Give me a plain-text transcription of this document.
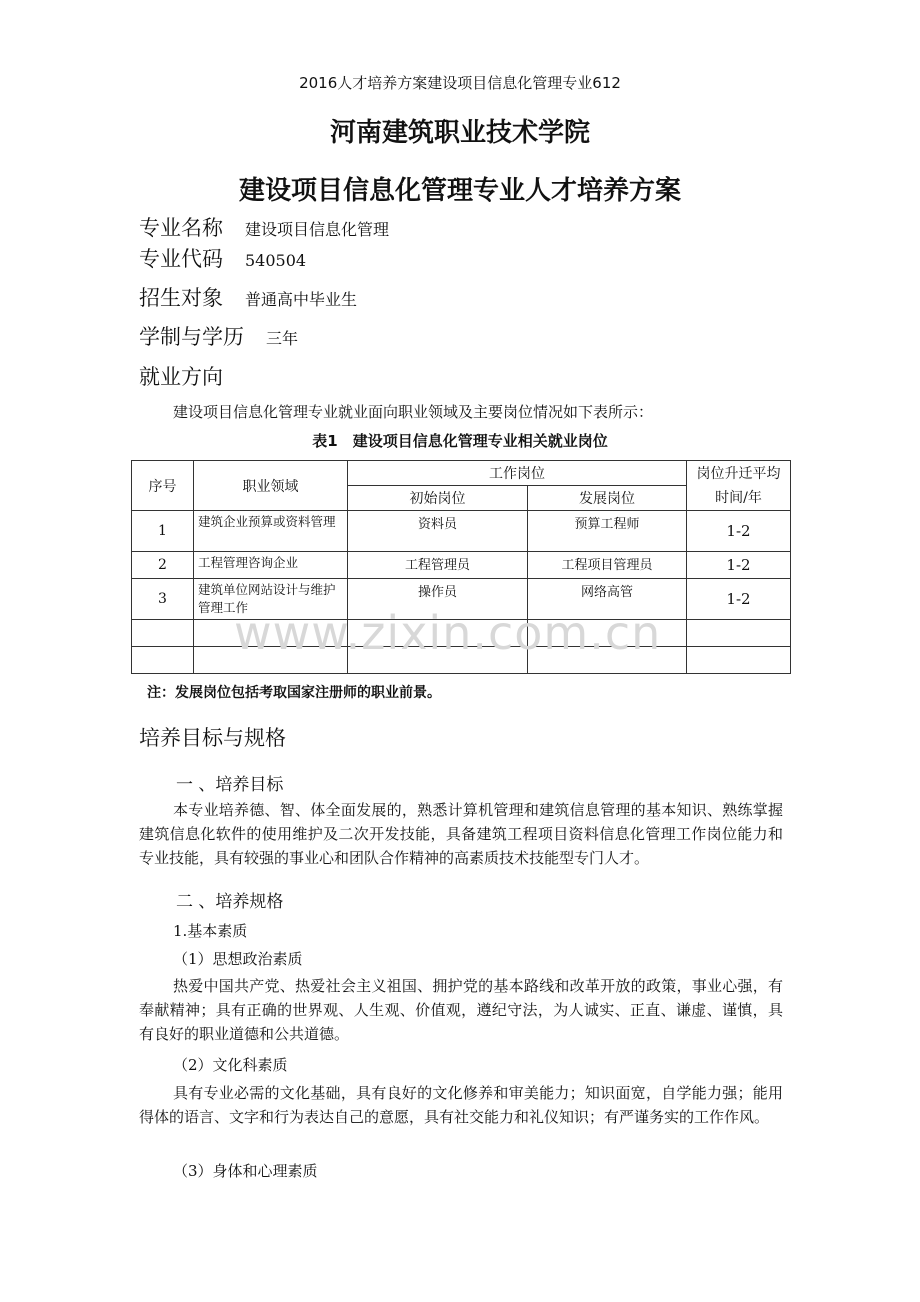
2016人才培养方案建设项目信息化管理专业612
河南建筑职业技术学院
建设项目信息化管理专业人才培养方案
专业名称 建设项目信息化管理
专业代码 540504
招生对象 普通高中毕业生
学制与学历 三年
就业方向
建设项目信息化管理专业就业面向职业领域及主要岗位情况如下表所示：
表1　建设项目信息化管理专业相关就业岗位
序号	职业领域	工作岗位		岗位升迁平均时间/年
		初始岗位	发展岗位	
1	建筑企业预算或资料管理	资料员	预算工程师	1-2
2	工程管理咨询企业	工程管理员	工程项目管理员	1-2
3	建筑单位网站设计与维护管理工作	操作员	网络高管	1-2

www.zixin.com.cn
注：发展岗位包括考取国家注册师的职业前景。
培养目标与规格
一 、培养目标
本专业培养德、智、体全面发展的，熟悉计算机管理和建筑信息管理的基本知识、熟练掌握建筑信息化软件的使用维护及二次开发技能，具备建筑工程项目资料信息化管理工作岗位能力和专业技能，具有较强的事业心和团队合作精神的高素质技术技能型专门人才。
二 、培养规格
1.基本素质
（1）思想政治素质
热爱中国共产党、热爱社会主义祖国、拥护党的基本路线和改革开放的政策，事业心强，有奉献精神；具有正确的世界观、人生观、价值观，遵纪守法，为人诚实、正直、谦虚、谨慎，具有良好的职业道德和公共道德。
（2）文化科素质
具有专业必需的文化基础，具有良好的文化修养和审美能力；知识面宽，自学能力强；能用得体的语言、文字和行为表达自己的意愿，具有社交能力和礼仪知识；有严谨务实的工作作风。
（3）身体和心理素质
